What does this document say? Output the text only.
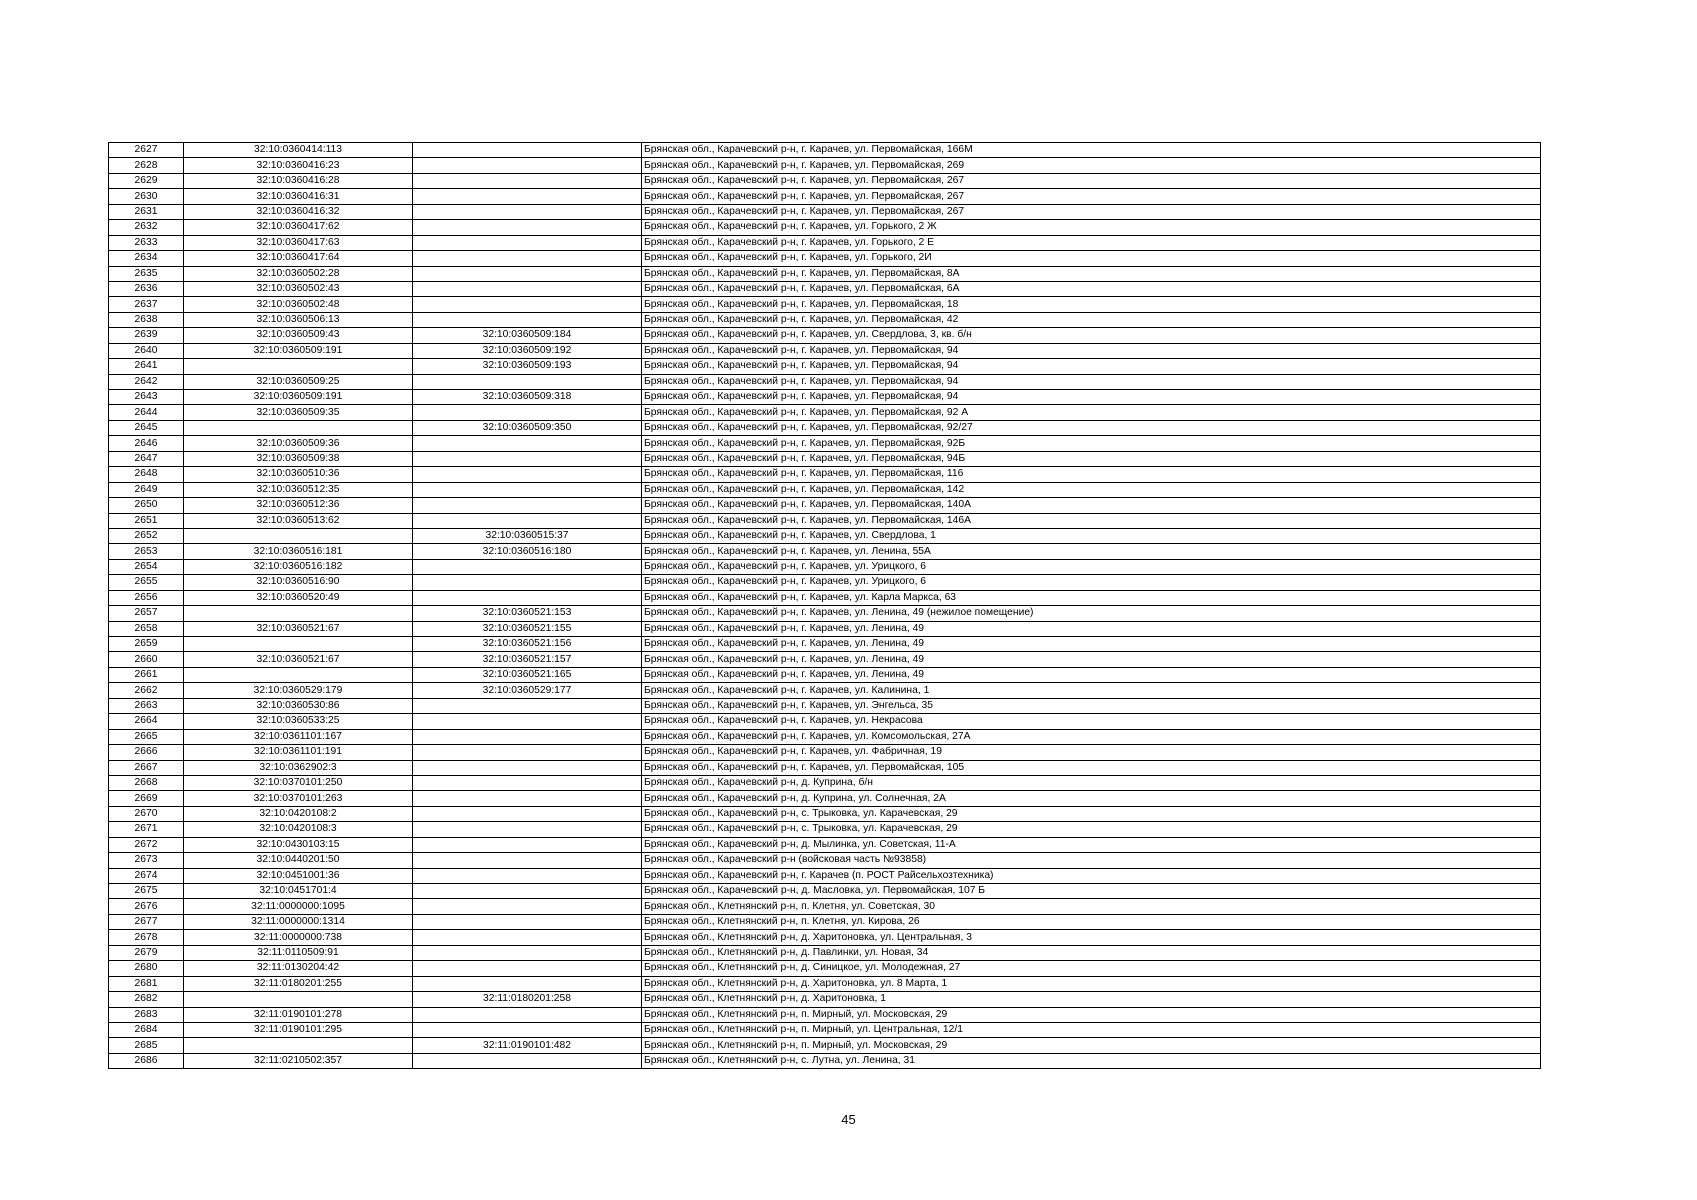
2627	32:10:0360414:113		Брянская обл., Карачевский р-н, г. Карачев, ул. Первомайская, 166М
2628	32:10:0360416:23		Брянская обл., Карачевский р-н, г. Карачев, ул. Первомайская, 269
2629	32:10:0360416:28		Брянская обл., Карачевский р-н, г. Карачев, ул. Первомайская, 267
2630	32:10:0360416:31		Брянская обл., Карачевский р-н, г. Карачев, ул. Первомайская, 267
2631	32:10:0360416:32		Брянская обл., Карачевский р-н, г. Карачев, ул. Первомайская, 267
2632	32:10:0360417:62		Брянская обл., Карачевский р-н, г. Карачев, ул. Горького, 2 Ж
2633	32:10:0360417:63		Брянская обл., Карачевский р-н, г. Карачев, ул. Горького, 2 Е
2634	32:10:0360417:64		Брянская обл., Карачевский р-н, г. Карачев, ул. Горького, 2И
2635	32:10:0360502:28		Брянская обл., Карачевский р-н, г. Карачев, ул. Первомайская, 8А
2636	32:10:0360502:43		Брянская обл., Карачевский р-н, г. Карачев, ул. Первомайская, 6А
2637	32:10:0360502:48		Брянская обл., Карачевский р-н, г. Карачев, ул. Первомайская, 18
2638	32:10:0360506:13		Брянская обл., Карачевский р-н, г. Карачев, ул. Первомайская, 42
2639	32:10:0360509:43	32:10:0360509:184	Брянская обл., Карачевский р-н, г. Карачев, ул. Свердлова, 3, кв. б/н
2640	32:10:0360509:191	32:10:0360509:192	Брянская обл., Карачевский р-н, г. Карачев, ул. Первомайская, 94
2641		32:10:0360509:193	Брянская обл., Карачевский р-н, г. Карачев, ул. Первомайская, 94
2642	32:10:0360509:25		Брянская обл., Карачевский р-н, г. Карачев, ул. Первомайская, 94
2643	32:10:0360509:191	32:10:0360509:318	Брянская обл., Карачевский р-н, г. Карачев, ул. Первомайская, 94
2644	32:10:0360509:35		Брянская обл., Карачевский р-н, г. Карачев, ул. Первомайская, 92 А
2645		32:10:0360509:350	Брянская обл., Карачевский р-н, г. Карачев, ул. Первомайская, 92/27
2646	32:10:0360509:36		Брянская обл., Карачевский р-н, г. Карачев, ул. Первомайская, 92Б
2647	32:10:0360509:38		Брянская обл., Карачевский р-н, г. Карачев, ул. Первомайская, 94Б
2648	32:10:0360510:36		Брянская обл., Карачевский р-н, г. Карачев, ул. Первомайская, 116
2649	32:10:0360512:35		Брянская обл., Карачевский р-н, г. Карачев, ул. Первомайская, 142
2650	32:10:0360512:36		Брянская обл., Карачевский р-н, г. Карачев, ул. Первомайская, 140А
2651	32:10:0360513:62		Брянская обл., Карачевский р-н, г. Карачев, ул. Первомайская, 146А
2652		32:10:0360515:37	Брянская обл., Карачевский р-н, г. Карачев, ул. Свердлова, 1
2653	32:10:0360516:181	32:10:0360516:180	Брянская обл., Карачевский р-н, г. Карачев, ул. Ленина, 55А
2654	32:10:0360516:182		Брянская обл., Карачевский р-н, г. Карачев, ул. Урицкого, 6
2655	32:10:0360516:90		Брянская обл., Карачевский р-н, г. Карачев, ул. Урицкого, 6
2656	32:10:0360520:49		Брянская обл., Карачевский р-н, г. Карачев, ул. Карла Маркса, 63
2657		32:10:0360521:153	Брянская обл., Карачевский р-н, г. Карачев, ул. Ленина, 49 (нежилое помещение)
2658	32:10:0360521:67	32:10:0360521:155	Брянская обл., Карачевский р-н, г. Карачев, ул. Ленина, 49
2659		32:10:0360521:156	Брянская обл., Карачевский р-н, г. Карачев, ул. Ленина, 49
2660	32:10:0360521:67	32:10:0360521:157	Брянская обл., Карачевский р-н, г. Карачев, ул. Ленина, 49
2661		32:10:0360521:165	Брянская обл., Карачевский р-н, г. Карачев, ул. Ленина, 49
2662	32:10:0360529:179	32:10:0360529:177	Брянская обл., Карачевский р-н, г. Карачев, ул. Калинина, 1
2663	32:10:0360530:86		Брянская обл., Карачевский р-н, г. Карачев, ул. Энгельса, 35
2664	32:10:0360533:25		Брянская обл., Карачевский р-н, г. Карачев, ул. Некрасова
2665	32:10:0361101:167		Брянская обл., Карачевский р-н, г. Карачев, ул. Комсомольская, 27А
2666	32:10:0361101:191		Брянская обл., Карачевский р-н, г. Карачев, ул. Фабричная, 19
2667	32:10:0362902:3		Брянская обл., Карачевский р-н, г. Карачев, ул. Первомайская, 105
2668	32:10:0370101:250		Брянская обл., Карачевский р-н, д. Куприна, б/н
2669	32:10:0370101:263		Брянская обл., Карачевский р-н, д. Куприна, ул. Солнечная, 2А
2670	32:10:0420108:2		Брянская обл., Карачевский р-н, с. Трыковка, ул. Карачевская, 29
2671	32:10:0420108:3		Брянская обл., Карачевский р-н, с. Трыковка, ул. Карачевская, 29
2672	32:10:0430103:15		Брянская обл., Карачевский р-н, д. Мылинка, ул. Советская, 11-А
2673	32:10:0440201:50		Брянская обл., Карачевский р-н (войсковая часть №93858)
2674	32:10:0451001:36		Брянская обл., Карачевский р-н, г. Карачев (п. РОСТ Райсельхозтехника)
2675	32:10:0451701:4		Брянская обл., Карачевский р-н, д. Масловка, ул. Первомайская, 107 Б
2676	32:11:0000000:1095		Брянская обл., Клетнянский р-н, п. Клетня, ул. Советская, 30
2677	32:11:0000000:1314		Брянская обл., Клетнянский р-н, п. Клетня, ул. Кирова, 26
2678	32:11:0000000:738		Брянская обл., Клетнянский р-н, д. Харитоновка, ул. Центральная, 3
2679	32:11:0110509:91		Брянская обл., Клетнянский р-н, д. Павлинки, ул. Новая, 34
2680	32:11:0130204:42		Брянская обл., Клетнянский р-н, д. Синицкое, ул. Молодежная, 27
2681	32:11:0180201:255		Брянская обл., Клетнянский р-н, д. Харитоновка, ул. 8 Марта, 1
2682		32:11:0180201:258	Брянская обл., Клетнянский р-н, д. Харитоновка, 1
2683	32:11:0190101:278		Брянская обл., Клетнянский р-н, п. Мирный, ул. Московская, 29
2684	32:11:0190101:295		Брянская обл., Клетнянский р-н, п. Мирный, ул. Центральная, 12/1
2685		32:11:0190101:482	Брянская обл., Клетнянский р-н, п. Мирный, ул. Московская, 29
2686	32:11:0210502:357		Брянская обл., Клетнянский р-н, с. Лутна, ул. Ленина, 31
45
